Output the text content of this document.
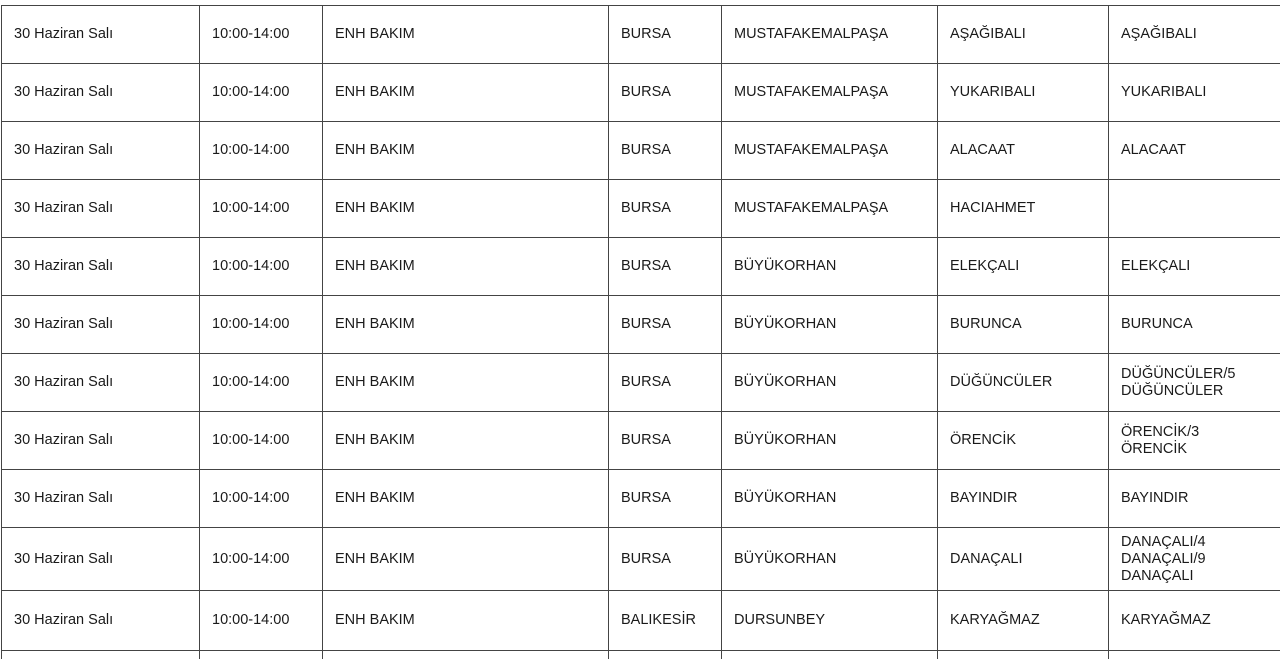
30 Haziran Salı	10:00-14:00	ENH BAKIM	BURSA	MUSTAFAKEMALPAŞA	AŞAĞIBALI	AŞAĞIBALI

30 Haziran Salı	10:00-14:00	ENH BAKIM	BURSA	MUSTAFAKEMALPAŞA	YUKARIBALI	YUKARIBALI

30 Haziran Salı	10:00-14:00	ENH BAKIM	BURSA	MUSTAFAKEMALPAŞA	ALACAAT	ALACAAT

30 Haziran Salı	10:00-14:00	ENH BAKIM	BURSA	MUSTAFAKEMALPAŞA	HACIAHMET	
30 Haziran Salı	10:00-14:00	ENH BAKIM	BURSA	BÜYÜKORHAN	ELEKÇALI	ELEKÇALI

30 Haziran Salı	10:00-14:00	ENH BAKIM	BURSA	BÜYÜKORHAN	BURUNCA	BURUNCA

30 Haziran Salı	10:00-14:00	ENH BAKIM	BURSA	BÜYÜKORHAN	DÜĞÜNCÜLER	DÜĞÜNCÜLER/5
DÜĞÜNCÜLER

30 Haziran Salı	10:00-14:00	ENH BAKIM	BURSA	BÜYÜKORHAN	ÖRENCİK	ÖRENCİK/3
ÖRENCİK

30 Haziran Salı	10:00-14:00	ENH BAKIM	BURSA	BÜYÜKORHAN	BAYINDIR	BAYINDIR

30 Haziran Salı	10:00-14:00	ENH BAKIM	BURSA	BÜYÜKORHAN	DANAÇALI	DANAÇALI/4
DANAÇALI/9
DANAÇALI

30 Haziran Salı	10:00-14:00	ENH BAKIM	BALIKESİR	DURSUNBEY	KARYAĞMAZ	KARYAĞMAZ
